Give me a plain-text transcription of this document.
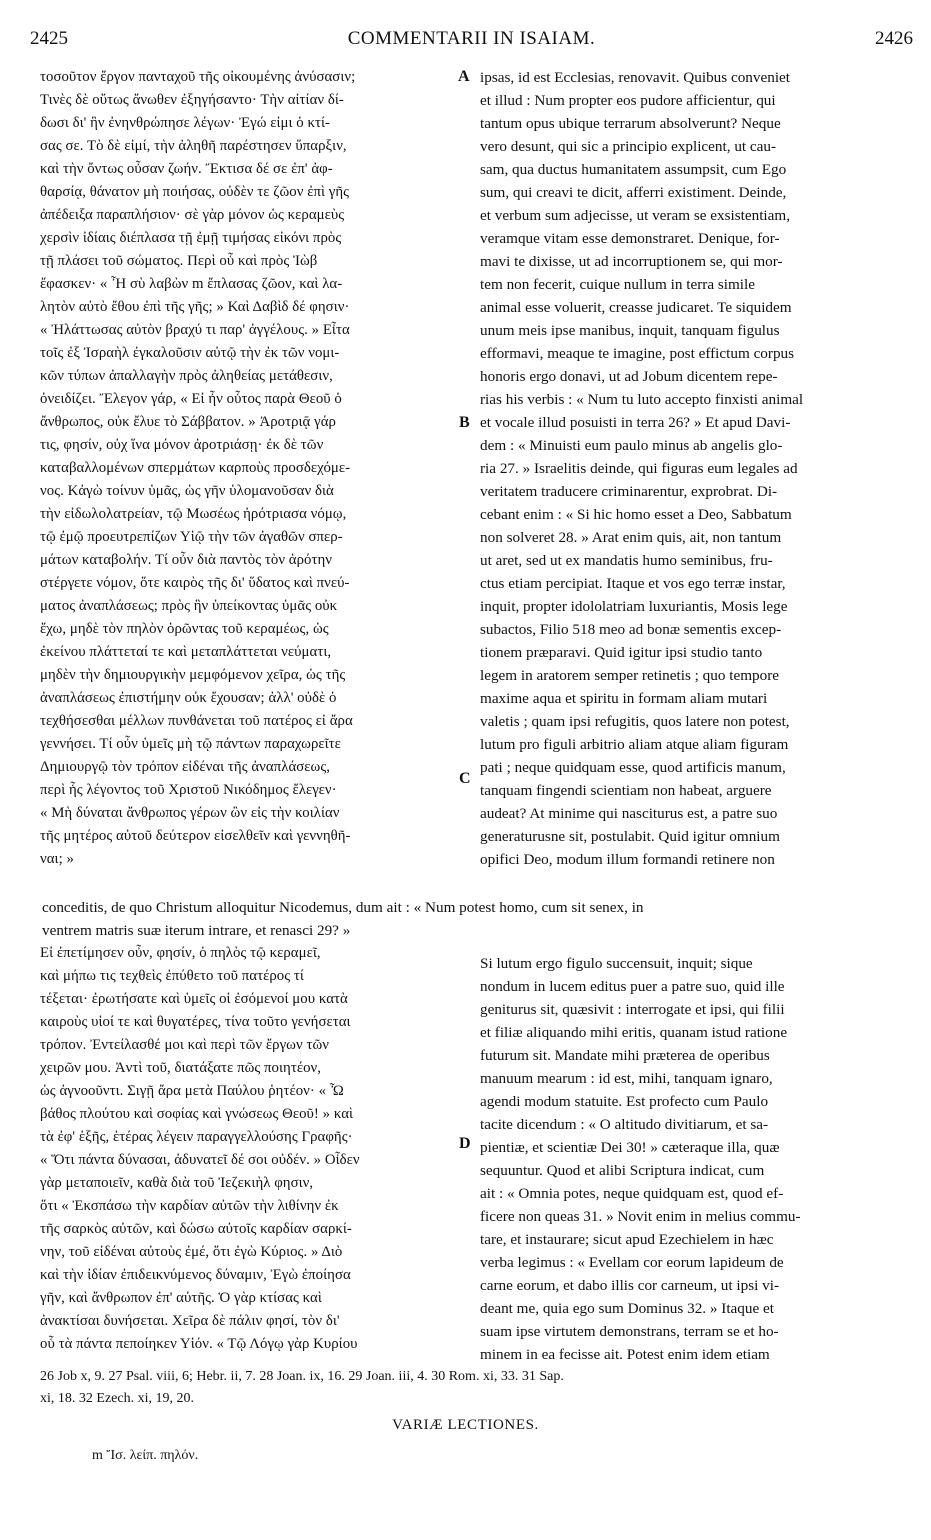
2425	COMMENTARII IN ISAIAM.	2426
τοσοῦτον ἔργον πανταχοῦ τῆς οἰκουμένης ἀνύσασιν;
Τινὲς δὲ οὕτως ἄνωθεν ἐξηγήσαντο· Τὴν αἰτίαν δί-
δωσι δι' ἣν ἐνηνθρώπησε λέγων· Ἐγώ εἰμι ὁ κτί-
σας σε. Τὸ δὲ εἰμί, τὴν ἀληθῆ παρέστησεν ὕπαρξιν,
καὶ τὴν ὄντως οὖσαν ζωήν. Ἔκτισα δέ σε ἐπ' ἀφ-
θαρσίᾳ, θάνατον μὴ ποιήσας, οὐδὲν τε ζῶον ἐπὶ γῆς
ἀπέδειξα παραπλήσιον· σὲ γὰρ μόνον ὡς κεραμεὺς
χερσὶν ἰδίαις διέπλασα τῇ ἐμῇ τιμήσας εἰκόνι πρὸς
τῇ πλάσει τοῦ σώματος. Περὶ οὗ καὶ πρὸς Ἰὼβ
ἔφασκεν· « Ἦ σὺ λαβὼν m ἔπλασας ζῶον, καὶ λα-
λητὸν αὐτὸ ἔθου ἐπὶ τῆς γῆς; » Καὶ Δαβὶδ δέ φησιν·
« Ἠλάττωσας αὐτὸν βραχύ τι παρ' ἀγγέλους. » Εἶτα
τοῖς ἐξ Ἰσραὴλ ἐγκαλοῦσιν αὐτῷ τὴν ἐκ τῶν νομι-
κῶν τύπων ἀπαλλαγὴν πρὸς ἀληθείας μετάθεσιν,
ὀνειδίζει. Ἔλεγον γάρ, « Εἰ ἦν οὗτος παρὰ Θεοῦ ὁ
ἄνθρωπος, οὐκ ἔλυε τὸ Σάββατον. » Ἀροτριᾷ γάρ
τις, φησίν, οὐχ ἵνα μόνον ἀροτριάσῃ· ἐκ δὲ τῶν
καταβαλλομένων σπερμάτων καρποὺς προσδεχόμε-
νος. Κἀγὼ τοίνυν ὑμᾶς, ὡς γῆν ὑλομανοῦσαν διὰ
τὴν εἰδωλολατρείαν, τῷ Μωσέως ἠρότριασα νόμῳ,
τῷ ἐμῷ προευτρεπίζων Υἱῷ τὴν τῶν ἀγαθῶν σπερ-
μάτων καταβολήν. Τί οὖν διὰ παντὸς τὸν ἀρότην
στέργετε νόμον, ὅτε καιρὸς τῆς δι' ὕδατος καὶ πνεύ-
ματος ἀναπλάσεως; πρὸς ἣν ὑπείκοντας ὑμᾶς οὐκ
ἔχω, μηδὲ τὸν πηλὸν ὁρῶντας τοῦ κεραμέως, ὡς
ἐκείνου πλάττεταί τε καὶ μεταπλάττεται νεύματι,
μηδὲν τὴν δημιουργικὴν μεμφόμενον χεῖρα, ὡς τῆς
ἀναπλάσεως ἐπιστήμην οὐκ ἔχουσαν; ἀλλ' οὐδὲ ὁ
τεχθήσεσθαι μέλλων πυνθάνεται τοῦ πατέρος εἰ ἄρα
γεννήσει. Τί οὖν ὑμεῖς μὴ τῷ πάντων παραχωρεῖτε
Δημιουργῷ τὸν τρόπον εἰδέναι τῆς ἀναπλάσεως,
περὶ ἧς λέγοντος τοῦ Χριστοῦ Νικόδημος ἔλεγεν·
« Μὴ δύναται ἄνθρωπος γέρων ὢν εἰς τὴν κοιλίαν
τῆς μητέρος αὐτοῦ δεύτερον εἰσελθεῖν καὶ γεννηθῆ-
ναι; »
ipsas, id est Ecclesias, renovavit. Quibus conveniet
et illud : Num propter eos pudore afficientur, qui
tantum opus ubique terrarum absolverunt? Neque
vero desunt, qui sic a principio explicent, ut cau-
sam, qua ductus humanitatem assumpsit, cum Ego
sum, qui creavi te dicit, afferri existiment. Deinde,
et verbum sum adjecisse, ut veram se exsistentiam,
veramque vitam esse demonstraret. Denique, for-
mavi te dixisse, ut ad incorruptionem se, qui mor-
tem non fecerit, cuique nullum in terra simile
animal esse voluerit, creasse judicaret. Te siquidem
unum meis ipse manibus, inquit, tanquam figulus
efformavi, meaque te imagine, post effictum corpus
honoris ergo donavi, ut ad Jobum dicentem repe-
rias his verbis : « Num tu luto accepto finxisti animal
et vocale illud posuisti in terra 26? » Et apud Davi-
dem : « Minuisti eum paulo minus ab angelis glo-
ria 27. » Israelitis deinde, qui figuras eum legales ad
veritatem traducere criminarentur, exprobrat. Di-
cebant enim : « Si hic homo esset a Deo, Sabbatum
non solveret 28. » Arat enim quis, ait, non tantum
ut aret, sed ut ex mandatis humo seminibus, fru-
ctus etiam percipiat. Itaque et vos ego terræ instar,
inquit, propter idololatriam luxuriantis, Mosis lege
subactos, Filio 518 meo ad bonæ sementis excep-
tionem præparavi. Quid igitur ipsi studio tanto
legem in aratorem semper retinetis ; quo tempore
maxime aqua et spiritu in formam aliam mutari
valetis ; quam ipsi refugitis, quos latere non potest,
lutum pro figuli arbitrio aliam atque aliam figuram
pati ; neque quidquam esse, quod artificis manum,
tanquam fingendi scientiam non habeat, arguere
audeat? At minime qui nasciturus est, a patre suo
generaturusne sit, postulabit. Quid igitur omnium
opifici Deo, modum illum formandi retinere non
A
B
C
D
conceditis, de quo Christum alloquitur Nicodemus, dum ait : « Num potest homo, cum sit senex, in
ventrem matris suæ iterum intrare, et renasci 29? »
Εἰ ἐπετίμησεν οὖν, φησίν, ὁ πηλὸς τῷ κεραμεῖ,
καὶ μήπω τις τεχθεὶς ἐπύθετο τοῦ πατέρος τί
τέξεται· ἐρωτήσατε καὶ ὑμεῖς οἱ ἐσόμενοί μου κατὰ
καιροὺς υἱοί τε καὶ θυγατέρες, τίνα τοῦτο γενήσεται
τρόπον. Ἐντείλασθέ μοι καὶ περὶ τῶν ἔργων τῶν
χειρῶν μου. Ἀντὶ τοῦ, διατάξατε πῶς ποιητέον,
ὡς ἀγνοοῦντι. Σιγῇ ἄρα μετὰ Παύλου ῥητέον· « Ὦ
βάθος πλούτου καὶ σοφίας καὶ γνώσεως Θεοῦ! » καὶ
τὰ ἐφ' ἑξῆς, ἑτέρας λέγειν παραγγελλούσης Γραφῆς·
« Ὅτι πάντα δύνασαι, ἀδυνατεῖ δέ σοι οὐδέν. » Οἶδεν
γὰρ μεταποιεῖν, καθὰ διὰ τοῦ Ἰεζεκιὴλ φησιν,
ὅτι « Ἐκσπάσω τὴν καρδίαν αὐτῶν τὴν λιθίνην ἐκ
τῆς σαρκὸς αὐτῶν, καὶ δώσω αὐτοῖς καρδίαν σαρκί-
νην, τοῦ εἰδέναι αὐτοὺς ἐμέ, ὅτι ἐγὼ Κύριος. » Διὸ
καὶ τὴν ἰδίαν ἐπιδεικνύμενος δύναμιν, Ἐγὼ ἐποίησα
γῆν, καὶ ἄνθρωπον ἐπ' αὐτῆς. Ὁ γὰρ κτίσας καὶ
ἀνακτίσαι δυνήσεται. Χεῖρα δὲ πάλιν φησί, τὸν δι'
οὗ τὰ πάντα πεποίηκεν Υἱόν. « Τῷ Λόγῳ γὰρ Κυρίου
Si lutum ergo figulo succensuit, inquit; sique
nondum in lucem editus puer a patre suo, quid ille
geniturus sit, quæsivit : interrogate et ipsi, qui filii
et filiæ aliquando mihi eritis, quanam istud ratione
futurum sit. Mandate mihi præterea de operibus
manuum mearum : id est, mihi, tanquam ignaro,
agendi modum statuite. Est profecto cum Paulo
tacite dicendum : « O altitudo divitiarum, et sa-
pientiæ, et scientiæ Dei 30! » cæteraque illa, quæ
sequuntur. Quod et alibi Scriptura indicat, cum
ait : « Omnia potes, neque quidquam est, quod ef-
ficere non queas 31. » Novit enim in melius commu-
tare, et instaurare; sicut apud Ezechielem in hæc
verba legimus : « Evellam cor eorum lapideum de
carne eorum, et dabo illis cor carneum, ut ipsi vi-
deant me, quia ego sum Dominus 32. » Itaque et
suam ipse virtutem demonstrans, terram se et ho-
minem in ea fecisse ait. Potest enim idem etiam
26 Job x, 9. 27 Psal. viii, 6; Hebr. ii, 7. 28 Joan. ix, 16. 29 Joan. iii, 4. 30 Rom. xi, 33. 31 Sap.
xi, 18. 32 Ezech. xi, 19, 20.
VARIÆ LECTIONES.
m Ἴσ. λείπ. πηλόν.
